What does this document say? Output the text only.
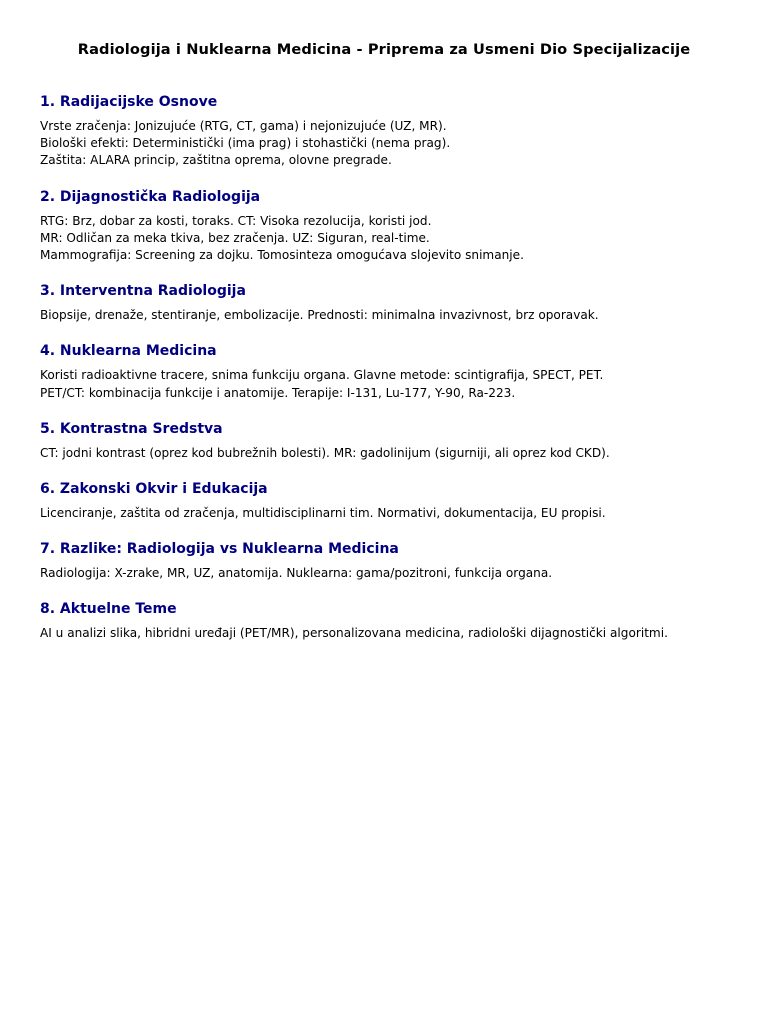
Radiologija i Nuklearna Medicina - Priprema za Usmeni Dio Specijalizacije
1. Radijacijske Osnove
Vrste zračenja: Jonizujuće (RTG, CT, gama) i nejonizujuće (UZ, MR).
Biološki efekti: Deterministički (ima prag) i stohastički (nema prag).
Zaštita: ALARA princip, zaštitna oprema, olovne pregrade.
2. Dijagnostička Radiologija
RTG: Brz, dobar za kosti, toraks. CT: Visoka rezolucija, koristi jod.
MR: Odličan za meka tkiva, bez zračenja. UZ: Siguran, real-time.
Mammografija: Screening za dojku. Tomosinteza omogućava slojevito snimanje.
3. Interventna Radiologija
Biopsije, drenaže, stentiranje, embolizacije. Prednosti: minimalna invazivnost, brz oporavak.
4. Nuklearna Medicina
Koristi radioaktivne tracere, snima funkciju organa. Glavne metode: scintigrafija, SPECT, PET.
PET/CT: kombinacija funkcije i anatomije. Terapije: I-131, Lu-177, Y-90, Ra-223.
5. Kontrastna Sredstva
CT: jodni kontrast (oprez kod bubrežnih bolesti). MR: gadolinijum (sigurniji, ali oprez kod CKD).
6. Zakonski Okvir i Edukacija
Licenciranje, zaštita od zračenja, multidisciplinarni tim. Normativi, dokumentacija, EU propisi.
7. Razlike: Radiologija vs Nuklearna Medicina
Radiologija: X-zrake, MR, UZ, anatomija. Nuklearna: gama/pozitroni, funkcija organa.
8. Aktuelne Teme
AI u analizi slika, hibridni uređaji (PET/MR), personalizovana medicina, radiološki dijagnostički algoritmi.
